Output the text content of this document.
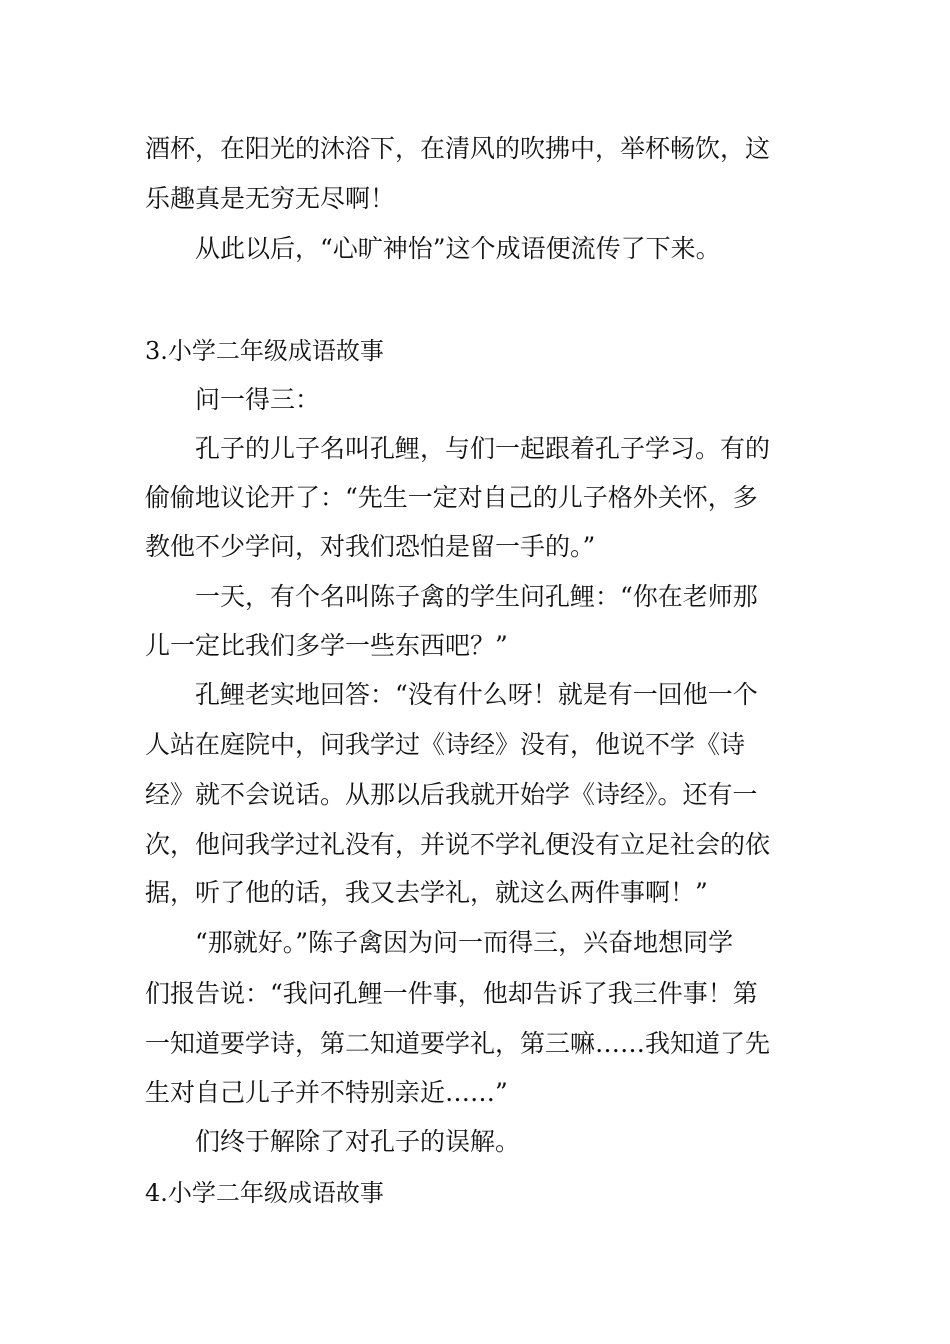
酒杯，在阳光的沐浴下，在清风的吹拂中，举杯畅饮，这
乐趣真是无穷无尽啊！
从此以后，“心旷神怡”这个成语便流传了下来。
3.小学二年级成语故事
问一得三：
孔子的儿子名叫孔鲤，与们一起跟着孔子学习。有的
偷偷地议论开了：“先生一定对自己的儿子格外关怀，多
教他不少学问，对我们恐怕是留一手的。”
一天，有个名叫陈子禽的学生问孔鲤：“你在老师那
儿一定比我们多学一些东西吧？”
孔鲤老实地回答：“没有什么呀！就是有一回他一个
人站在庭院中，问我学过《诗经》没有，他说不学《诗
经》就不会说话。从那以后我就开始学《诗经》。还有一
次，他问我学过礼没有，并说不学礼便没有立足社会的依
据，听了他的话，我又去学礼，就这么两件事啊！”
“那就好。”陈子禽因为问一而得三，兴奋地想同学
们报告说：“我问孔鲤一件事，他却告诉了我三件事！第
一知道要学诗，第二知道要学礼，第三嘛……我知道了先
生对自己儿子并不特别亲近……”
们终于解除了对孔子的误解。
4.小学二年级成语故事
